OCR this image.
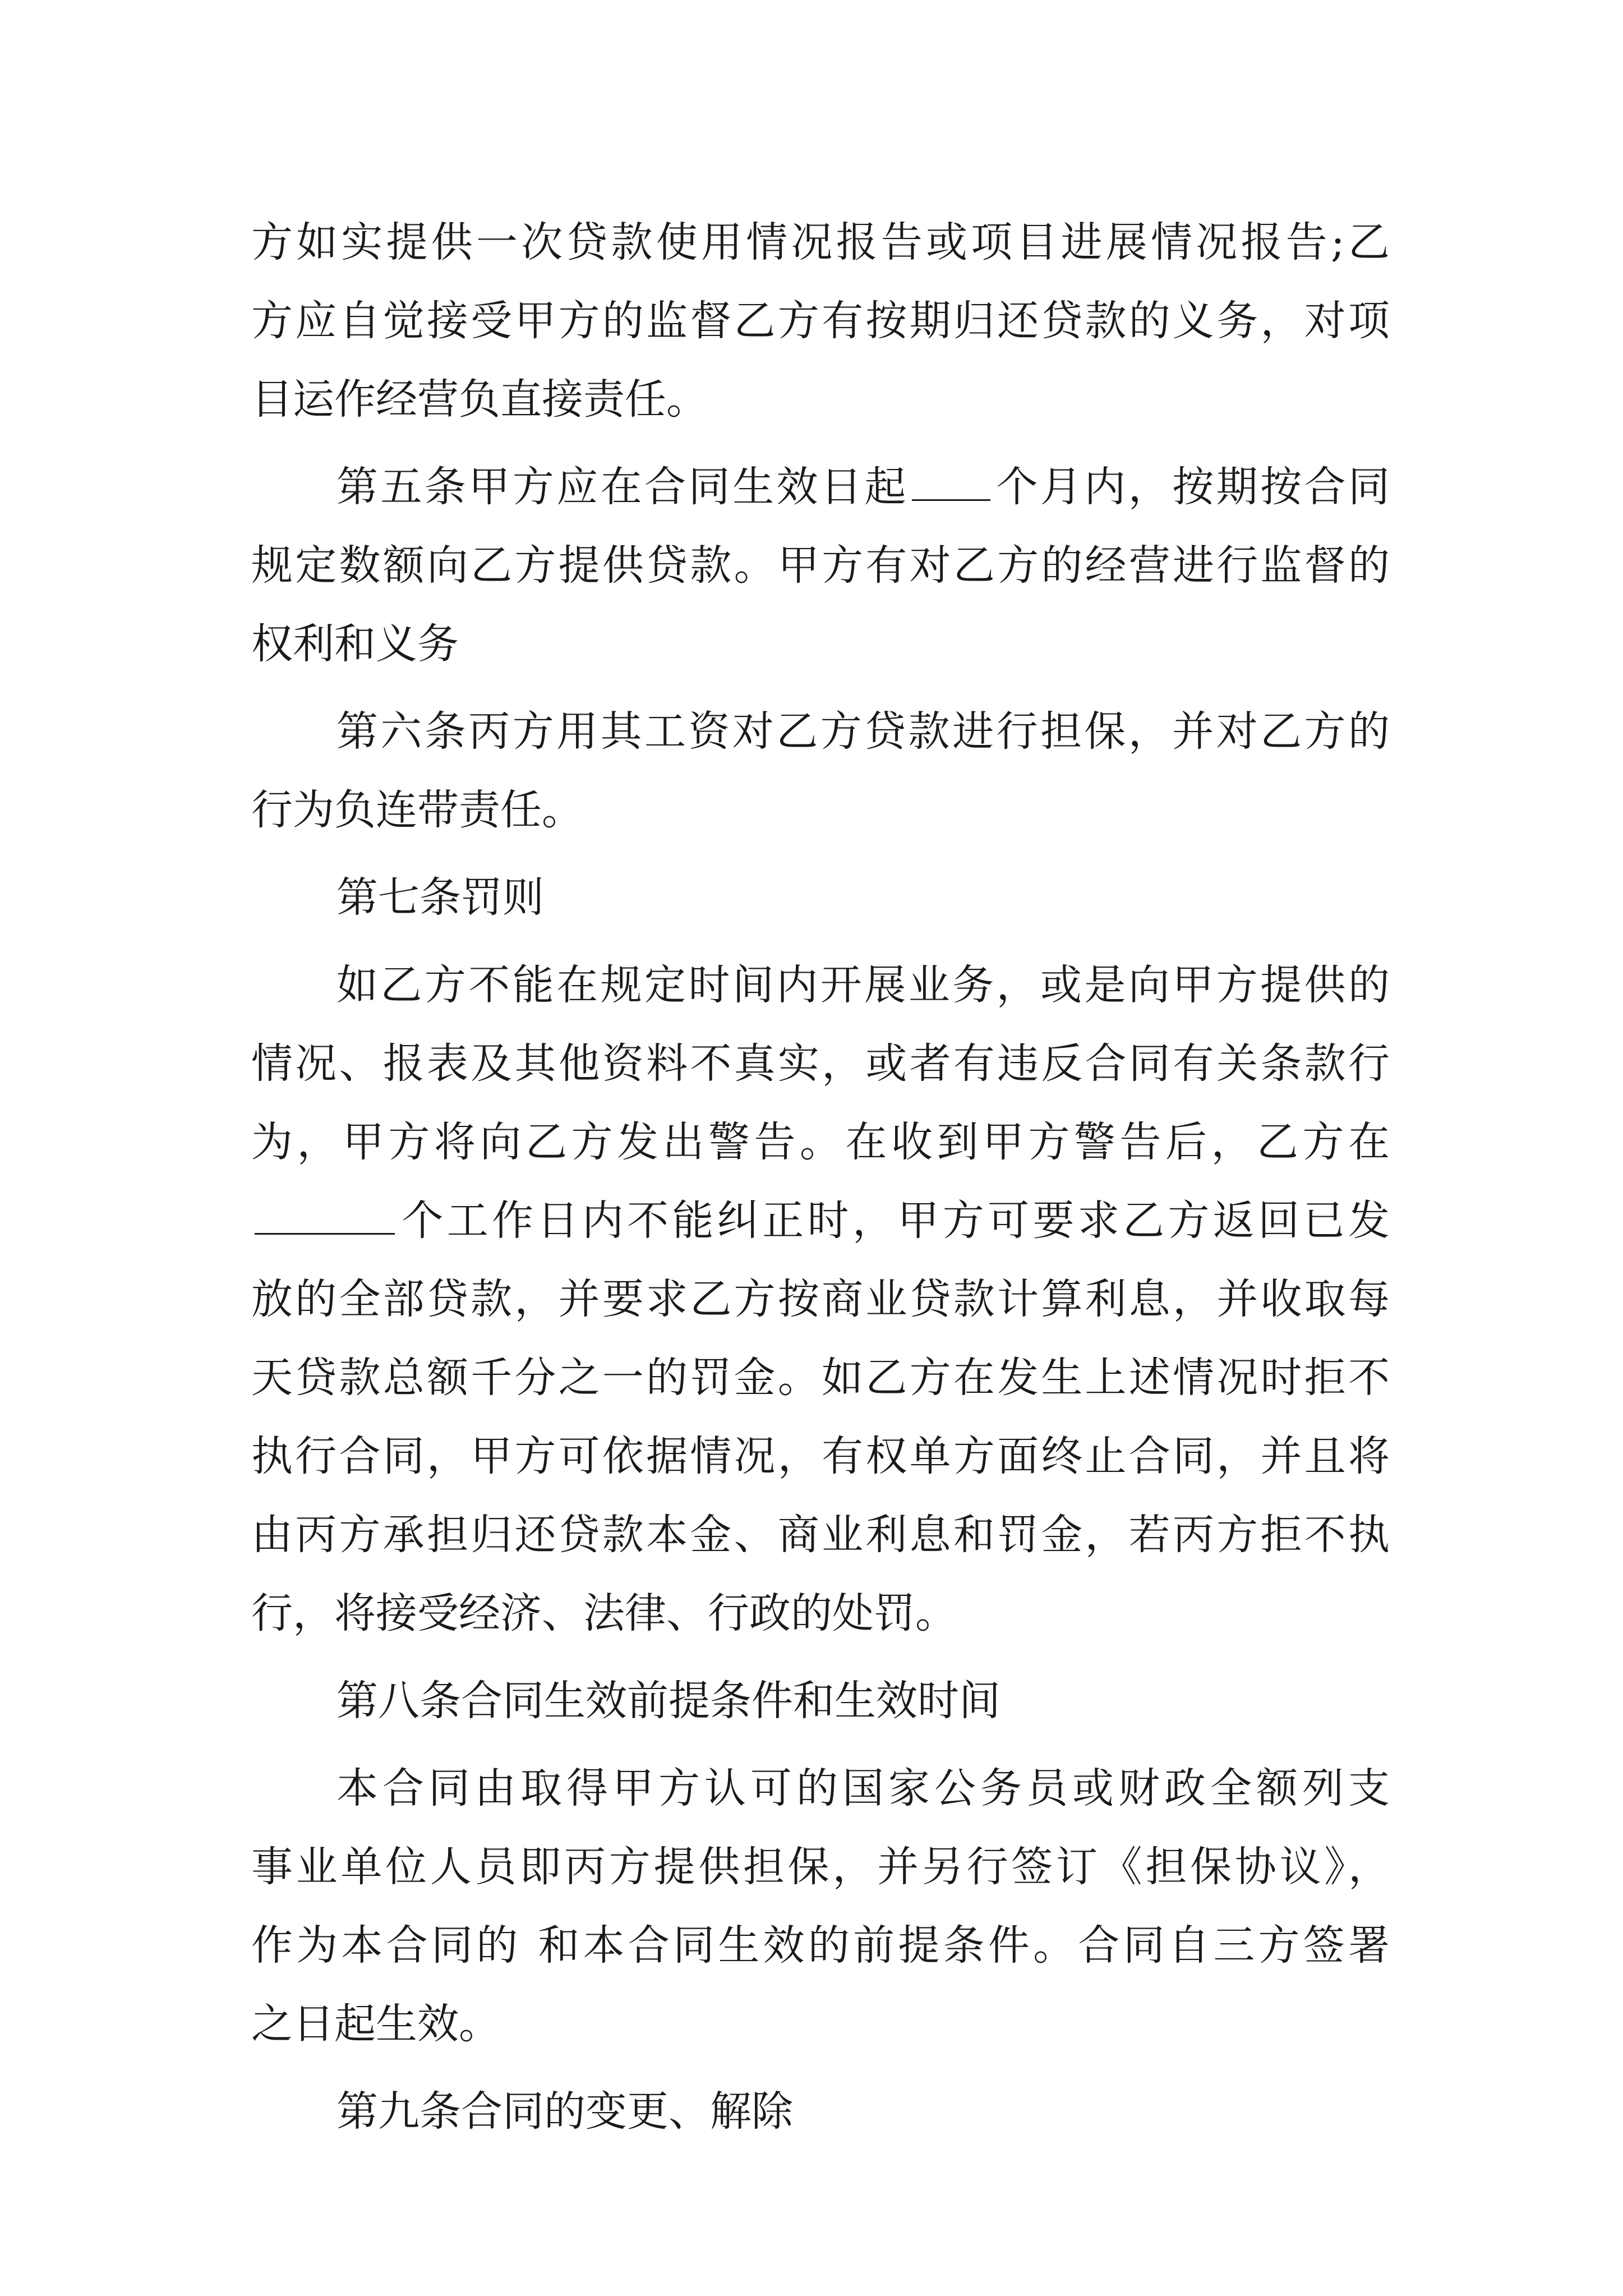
方如实提供一次贷款使用情况报告或项目进展情况报告;乙
方应自觉接受甲方的监督乙方有按期归还贷款的义务，对项
目运作经营负直接责任。
第五条甲方应在合同生效日起 个月内，按期按合同
规定数额向乙方提供贷款。甲方有对乙方的经营进行监督的
权利和义务
第六条丙方用其工资对乙方贷款进行担保，并对乙方的
行为负连带责任。
第七条罚则
如乙方不能在规定时间内开展业务，或是向甲方提供的
情况、报表及其他资料不真实，或者有违反合同有关条款行
为，甲方将向乙方发出警告。在收到甲方警告后，乙方在
个工作日内不能纠正时，甲方可要求乙方返回已发
放的全部贷款，并要求乙方按商业贷款计算利息，并收取每
天贷款总额千分之一的罚金。如乙方在发生上述情况时拒不
执行合同，甲方可依据情况，有权单方面终止合同，并且将
由丙方承担归还贷款本金、商业利息和罚金，若丙方拒不执
行，将接受经济、法律、行政的处罚。
第八条合同生效前提条件和生效时间
本合同由取得甲方认可的国家公务员或财政全额列支
事业单位人员即丙方提供担保，并另行签订《担保协议》，
作为本合同的 和本合同生效的前提条件。合同自三方签署
之日起生效。
第九条合同的变更、解除
